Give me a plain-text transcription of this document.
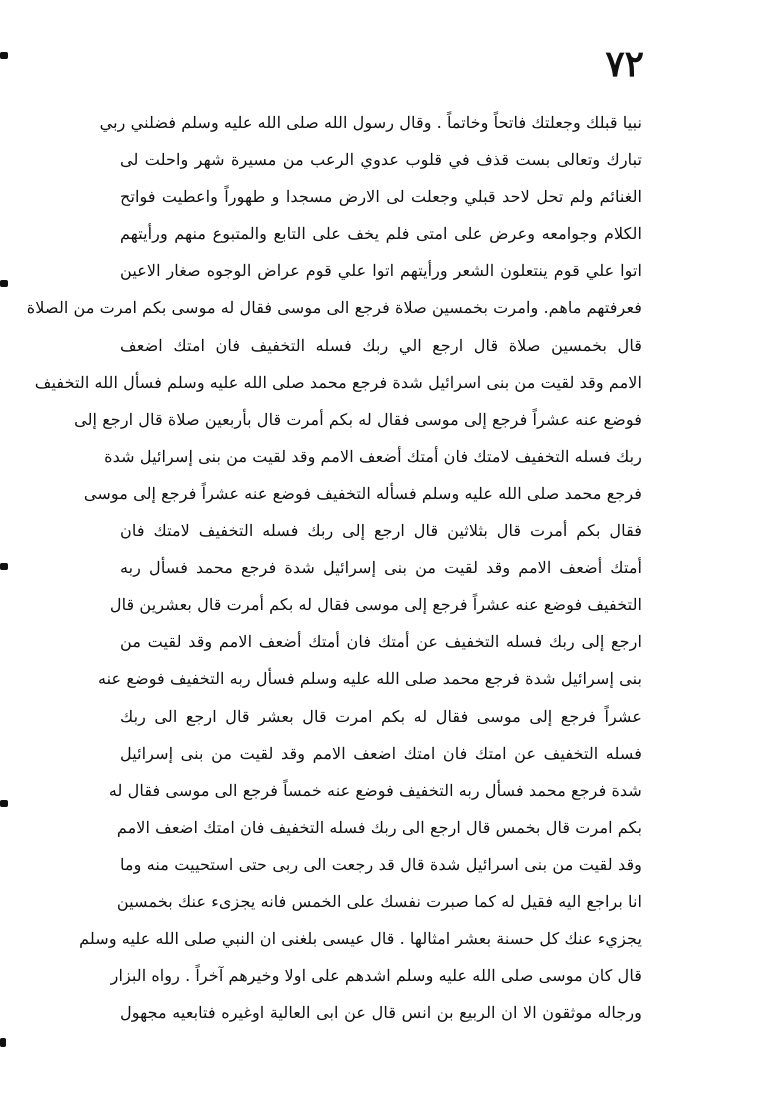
٧٢
نبيا قبلك وجعلتك فاتحاً وخاتماً . وقال رسول الله صلى الله عليه وسلم فضلني ربي
تبارك وتعالى بست قذف في قلوب عدوي الرعب من مسيرة شهر واحلت لى
الغنائم ولم تحل لاحد قبلي وجعلت لى الارض مسجدا و طهوراً واعطيت فواتح
الكلام وجوامعه وعرض على امتى فلم يخف على التابع والمتبوع منهم ورأيتهم
اتوا علي قوم ينتعلون الشعر ورأيتهم اتوا علي قوم عراض الوجوه صغار الاعين
فعرفتهم ماهم. وامرت بخمسين صلاة فرجع الى موسى فقال له موسى بكم امرت من الصلاة
قال بخمسين صلاة قال ارجع الي ربك فسله التخفيف فان امتك اضعف
الامم وقد لقيت من بنى اسرائيل شدة فرجع محمد صلى الله عليه وسلم فسأل الله التخفيف
فوضع عنه عشراً فرجع إلى موسى فقال له بكم أمرت قال بأربعين صلاة قال ارجع إلى
ربك فسله التخفيف لامتك فان أمتك أضعف الامم وقد لقيت من بنى إسرائيل شدة
فرجع محمد صلى الله عليه وسلم فسأله التخفيف فوضع عنه عشراً فرجع إلى موسى
فقال بكم أمرت قال بثلاثين قال ارجع إلى ربك فسله التخفيف لامتك فان
أمتك أضعف الامم وقد لقيت من بنى إسرائيل شدة فرجع محمد فسأل ربه
التخفيف فوضع عنه عشراً فرجع إلى موسى فقال له بكم أمرت قال بعشرين قال
ارجع إلى ربك فسله التخفيف عن أمتك فان أمتك أضعف الامم وقد لقيت من
بنى إسرائيل شدة فرجع محمد صلى الله عليه وسلم فسأل ربه التخفيف فوضع عنه
عشراً فرجع إلى موسى فقال له بكم امرت قال بعشر قال ارجع الى ربك
فسله التخفيف عن امتك فان امتك اضعف الامم وقد لقيت من بنى إسرائيل
شدة فرجع محمد فسأل ربه التخفيف فوضع عنه خمساً فرجع الى موسى فقال له
بكم امرت قال بخمس قال ارجع الى ربك فسله التخفيف فان امتك اضعف الامم
وقد لقيت من بنى اسرائيل شدة قال قد رجعت الى ربى حتى استحييت منه وما
انا براجع اليه فقيل له كما صبرت نفسك على الخمس فانه يجزىء عنك بخمسين
يجزيء عنك كل حسنة بعشر امثالها . قال عيسى بلغنى ان النبي صلى الله عليه وسلم
قال كان موسى صلى الله عليه وسلم اشدهم على اولا وخيرهم آخراً . رواه البزار
ورجاله موثقون الا ان الربيع بن انس قال عن ابى العالية اوغيره فتابعيه مجهول
